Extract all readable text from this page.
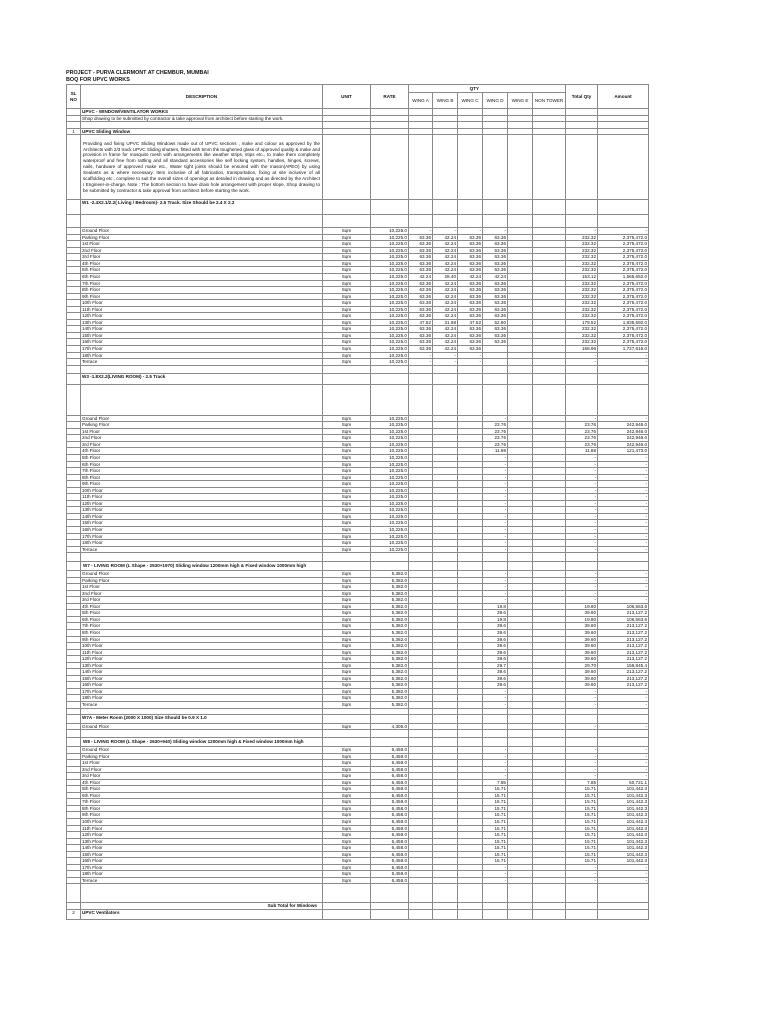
PROJECT - PURVA CLERMONT AT CHEMBUR, MUMBAI
BOQ FOR UPVC WORKS
SL NO	DESCRIPTION	UNIT	RATE	QTY						Total Qty	Amount
				WING A	WING B	WING C	WING D	WING E	NON TOWER		
	UPVC - WINDOW/VENTILATOR WORKS										
	Shop drawing to be submitted by contractor & take approval from architect before starting the work.										

1	UPVC Sliding Window										
	Providing and fixing UPVC Sliding Windows made out of UPVC sections , make and colour as approved by the Architects with 2/3 track UPVC Sliding shutters, fitted with 5mm thk toughened glass of approved quality & make and provision in frame for mosquito mesh with arrangements like weather strips, stips etc., to make them completely waterproof and free from rattling and all standard accessories like self locking system, handles, hinges, screws, nails, hardware of approved make etc., Water tight joints should be ensured with the mason(APEO) by using Sealants as & where necessary. Item inclusive of all fabrication, transportation, fixing at site inclusive of all scaffolding etc., complete to suit the overall sizes of openings as detailed in drawing and as directed by the Architect / Engineer-in-charge. Note : The bottom section to have drain hole arrangement with proper slope. Shop drawing to be submitted by contractor & take approval from architect before starting the work.										
	W1 -2.4X2.1/2.2( Living / Bedroom)- 2.5 Track. Size Should be 2.4 X 2.2										

	Ground Floor	Sqm	10,225.0	-	-	-	-			-	-
	Parking Floor	Sqm	10,225.0	63.36	42.24	63.36	63.36			232.32	2,375,472.0
	1st Floor	Sqm	10,225.0	63.36	42.24	63.36	63.36			232.32	2,375,472.0
	2nd Floor	Sqm	10,225.0	63.36	42.24	63.36	63.36			232.32	2,375,472.0
	3rd Floor	Sqm	10,225.0	63.36	42.24	63.36	63.36			232.32	2,375,472.0
	4th Floor	Sqm	10,225.0	63.36	42.24	63.36	63.36			232.32	2,375,472.0
	5th Floor	Sqm	10,225.0	63.36	42.24	63.36	63.36			232.32	2,375,472.0
	6th Floor	Sqm	10,225.0	42.24	28.40	42.24	42.24			153.12	1,565,652.0
	7th Floor	Sqm	10,225.0	63.36	42.24	63.36	63.36			232.32	2,375,472.0
	8th Floor	Sqm	10,225.0	63.36	42.24	63.36	63.36			232.32	2,375,472.0
	9th Floor	Sqm	10,225.0	63.36	42.24	63.36	63.36			232.32	2,375,472.0
	10th Floor	Sqm	10,225.0	63.36	42.24	63.36	63.36			232.32	2,375,472.0
	11th Floor	Sqm	10,225.0	63.36	42.24	63.36	63.36			232.32	2,375,472.0
	12th Floor	Sqm	10,225.0	63.36	42.24	63.36	63.36			232.32	2,375,472.0
	13th Floor	Sqm	10,225.0	47.52	31.68	47.52	52.80			179.52	1,835,592.0
	14th Floor	Sqm	10,225.0	63.36	42.24	63.36	63.36			232.32	2,375,472.0
	15th Floor	Sqm	10,225.0	63.36	42.24	63.36	63.36			232.32	2,375,472.0
	16th Floor	Sqm	10,225.0	63.36	42.24	63.36	63.36			232.32	2,375,472.0
	17th Floor	Sqm	10,225.0	63.36	42.24	63.36				168.96	1,727,616.0
	18th Floor	Sqm	10,225.0	-	-	-				-	-
	Terrace	Sqm	10,225.0	-	-	-				-	-

	W3 -1.8X2.2(LIVING ROOM) - 2.5 Track										

	Ground Floor	Sqm	10,225.0				-			-	-
	Parking Floor	Sqm	10,225.0				23.76			23.76	242,946.0
	1st Floor	Sqm	10,225.0				23.76			23.76	242,946.0
	2nd Floor	Sqm	10,225.0				23.76			23.76	242,946.0
	3rd Floor	Sqm	10,225.0				23.76			23.76	242,946.0
	4th Floor	Sqm	10,225.0				11.88			11.88	121,473.0
	5th Floor	Sqm	10,225.0				-			-	-
	6th Floor	Sqm	10,225.0				-			-	-
	7th Floor	Sqm	10,225.0				-			-	-
	8th Floor	Sqm	10,225.0				-			-	-
	9th Floor	Sqm	10,225.0				-			-	-
	10th Floor	Sqm	10,225.0				-			-	-
	11th Floor	Sqm	10,225.0				-			-	-
	12th Floor	Sqm	10,225.0				-			-	-
	13th Floor	Sqm	10,225.0				-			-	-
	14th Floor	Sqm	10,225.0				-			-	-
	15th Floor	Sqm	10,225.0				-			-	-
	16th Floor	Sqm	10,225.0				-			-	-
	17th Floor	Sqm	10,225.0				-			-	-
	18th Floor	Sqm	10,225.0				-			-	-
	Terrace	Sqm	10,225.0				-			-	-

	W7 - LIVING ROOM (L Shape - 2530+1970) Sliding window 1200mm high & Fixed window 1000mm high										
	Ground Floor	Sqm	5,382.0				-			-	-
	Parking Floor	Sqm	5,382.0				-			-	-
	1st Floor	Sqm	5,382.0				-			-	-
	2nd Floor	Sqm	5,382.0				-			-	-
	3rd Floor	Sqm	5,382.0				-			-	-
	4th Floor	Sqm	5,382.0				19.8			19.80	106,563.6
	5th Floor	Sqm	5,382.0				39.6			39.60	213,127.2
	6th Floor	Sqm	5,382.0				19.8			19.80	106,563.6
	7th Floor	Sqm	5,382.0				39.6			39.60	213,127.2
	8th Floor	Sqm	5,382.0				39.6			39.60	213,127.2
	9th Floor	Sqm	5,382.0				39.6			39.60	213,127.2
	10th Floor	Sqm	5,382.0				39.6			39.60	213,127.2
	11th Floor	Sqm	5,382.0				39.6			39.60	213,127.2
	12th Floor	Sqm	5,382.0				39.6			39.60	213,127.2
	13th Floor	Sqm	5,382.0				29.7			29.70	159,845.4
	14th Floor	Sqm	5,382.0				39.6			39.60	213,127.2
	15th Floor	Sqm	5,382.0				39.6			39.60	213,127.2
	16th Floor	Sqm	5,382.0				39.6			39.60	213,127.2
	17th Floor	Sqm	5,382.0				-			-	-
	18th Floor	Sqm	5,382.0				-			-	-
	Terrace	Sqm	5,382.0				-			-	-

	W7A - Meter Room (2000 X 1000) Size Should be 0.9 X 1.0										
	Ground Floor	Sqm	4,305.0							-	-

	W8 - LIVING ROOM (L Shape - 2630+940) Sliding window 1200mm high & Fixed window 1000mm high										
	Ground Floor	Sqm	6,458.0				-			-	-
	Parking Floor	Sqm	6,458.0				-			-	-
	1st Floor	Sqm	6,458.0				-			-	-
	2nd Floor	Sqm	6,458.0				-			-	-
	3rd Floor	Sqm	6,458.0				-			-	-
	4th Floor	Sqm	6,458.0				7.85			7.85	50,721.1
	5th Floor	Sqm	6,458.0				15.71			15.71	101,442.3
	6th Floor	Sqm	6,458.0				15.71			15.71	101,442.3
	7th Floor	Sqm	6,458.0				15.71			15.71	101,442.3
	8th Floor	Sqm	6,458.0				15.71			15.71	101,442.3
	9th Floor	Sqm	6,458.0				15.71			15.71	101,442.3
	10th Floor	Sqm	6,458.0				15.71			15.71	101,442.3
	11th Floor	Sqm	6,458.0				15.71			15.71	101,442.3
	12th Floor	Sqm	6,458.0				15.71			15.71	101,442.3
	13th Floor	Sqm	6,458.0				15.71			15.71	101,442.3
	14th Floor	Sqm	6,458.0				15.71			15.71	101,442.3
	15th Floor	Sqm	6,458.0				15.71			15.71	101,442.3
	16th Floor	Sqm	6,458.0				15.71			15.71	101,442.3
	17th Floor	Sqm	6,458.0				-			-	-
	18th Floor	Sqm	6,458.0				-			-	-
	Terrace	Sqm	6,458.0				-			-	-

	Sub Total for Windows										
2	UPVC Ventilators										
